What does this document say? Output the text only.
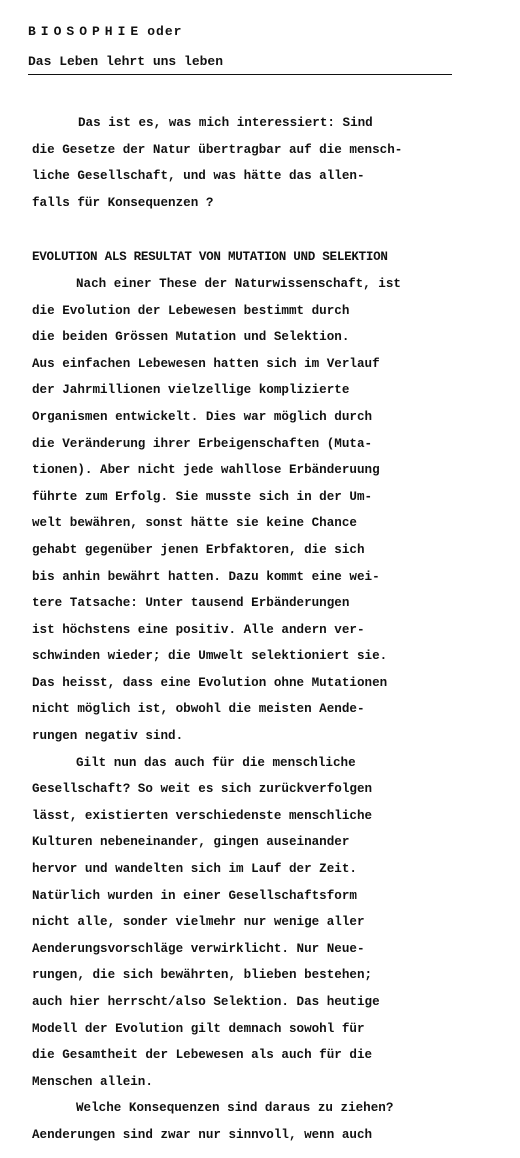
BIOSOPHIE oder
Das Leben lehrt uns leben
Das ist es, was mich interessiert: Sind
die Gesetze der Natur übertragbar auf die mensch-
liche Gesellschaft, und was hätte das allen-
falls für Konsequenzen ?
EVOLUTION ALS RESULTAT VON MUTATION UND SELEKTION
Nach einer These der Naturwissenschaft, ist
die Evolution der Lebewesen bestimmt durch
die beiden Grössen Mutation und Selektion.
Aus einfachen Lebewesen hatten sich im Verlauf
der Jahrmillionen vielzellige komplizierte
Organismen entwickelt. Dies war möglich durch
die Veränderung ihrer Erbeigenschaften (Muta-
tionen). Aber nicht jede wahllose Erbänderuung
führte zum Erfolg. Sie musste sich in der Um-
welt bewähren, sonst hätte sie keine Chance
gehabt gegenüber jenen Erbfaktoren, die sich
bis anhin bewährt hatten. Dazu kommt eine wei-
tere Tatsache: Unter tausend Erbänderungen
ist höchstens eine positiv. Alle andern ver-
schwinden wieder; die Umwelt selektioniert sie.
Das heisst, dass eine Evolution ohne Mutationen
nicht möglich ist, obwohl die meisten Aende-
rungen negativ sind.
Gilt nun das auch für die menschliche
Gesellschaft? So weit es sich zurückverfolgen
lässt, existierten verschiedenste menschliche
Kulturen nebeneinander, gingen auseinander
hervor und wandelten sich im Lauf der Zeit.
Natürlich wurden in einer Gesellschaftsform
nicht alle, sonder vielmehr nur wenige aller
Aenderungsvorschläge verwirklicht. Nur Neue-
rungen, die sich bewährten, blieben bestehen;
auch hier herrscht/also Selektion. Das heutige
Modell der Evolution gilt demnach sowohl für
die Gesamtheit der Lebewesen als auch für die
Menschen allein.
Welche Konsequenzen sind daraus zu ziehen?
Aenderungen sind zwar nur sinnvoll, wenn auch
